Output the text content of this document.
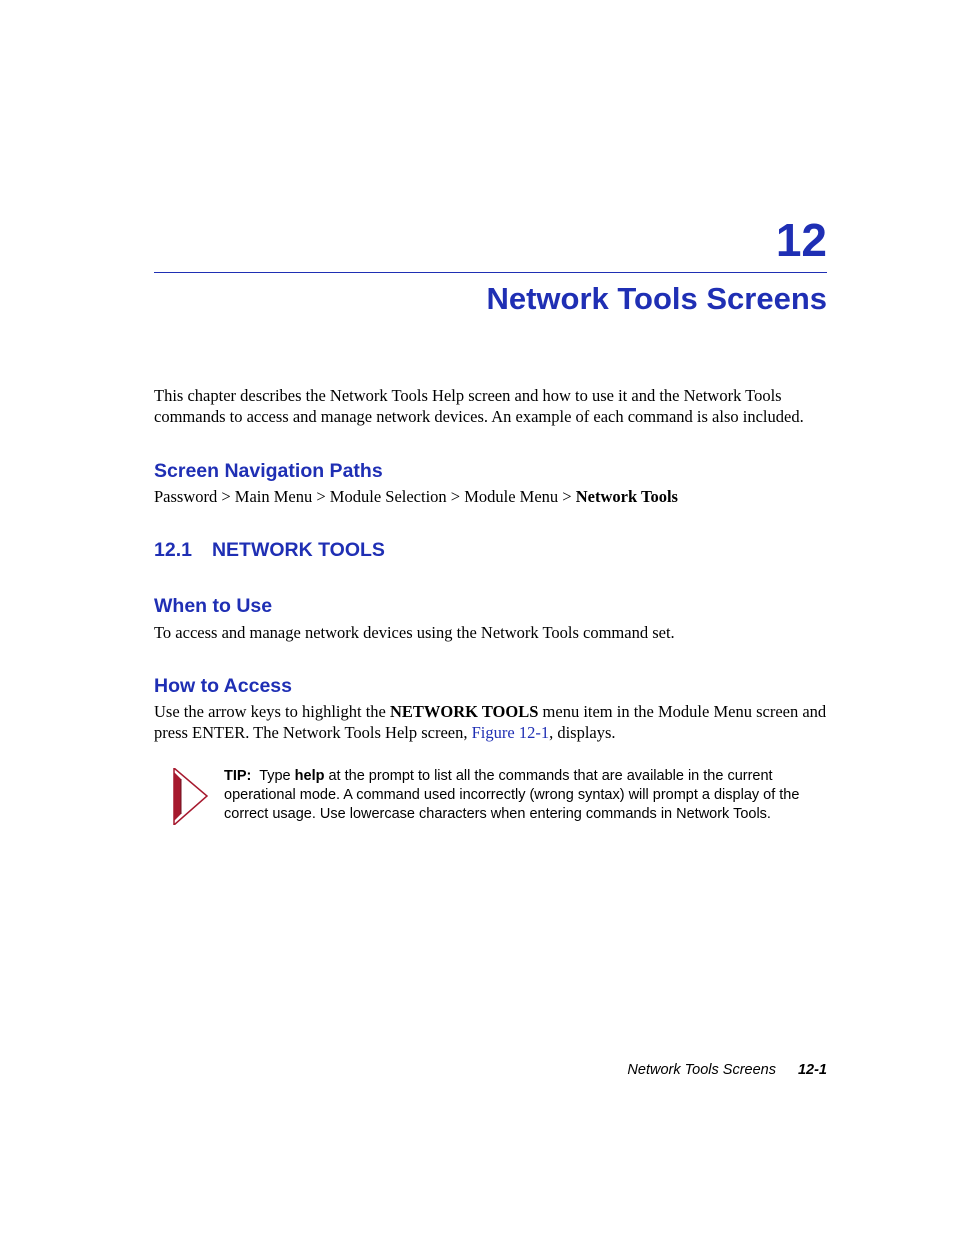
12
Network Tools Screens

This chapter describes the Network Tools Help screen and how to use it and the Network Tools commands to access and manage network devices. An example of each command is also included.

Screen Navigation Paths

Password > Main Menu > Module Selection > Module Menu > Network Tools

12.1 NETWORK TOOLS
When to Use

To access and manage network devices using the Network Tools command set.

How to Access

Use the arrow keys to highlight the NETWORK TOOLS menu item in the Module Menu screen and press ENTER. The Network Tools Help screen, Figure 12-1, displays.

TIP: Type help at the prompt to list all the commands that are available in the current operational mode. A command used incorrectly (wrong syntax) will prompt a display of the correct usage. Use lowercase characters when entering commands in Network Tools.

Network Tools Screens 12-1
